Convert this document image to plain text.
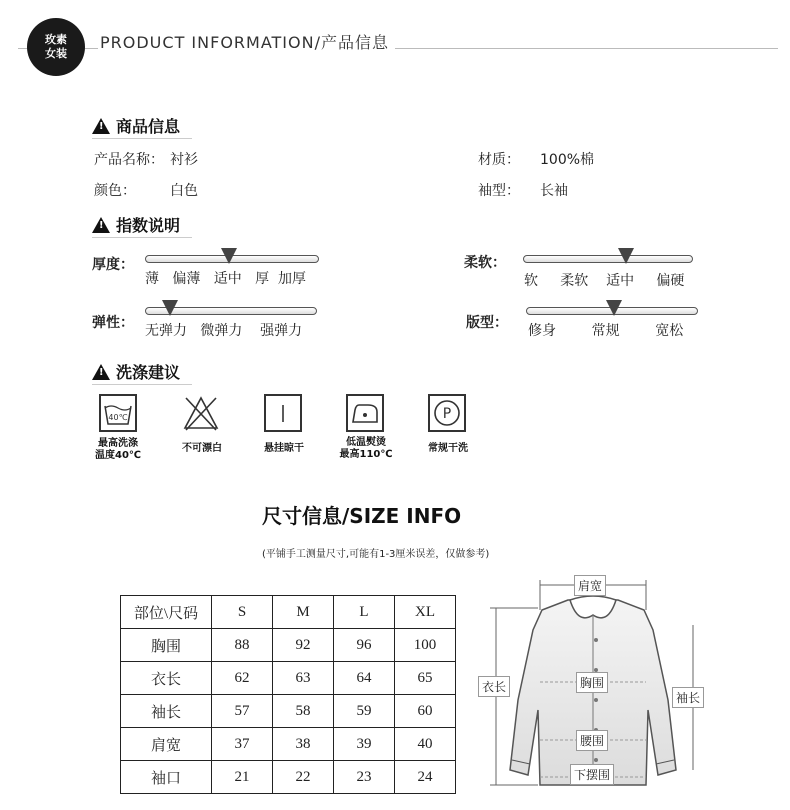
玫素
女装
PRODUCT INFORMATION/产品信息
!
商品信息
产品名称： 衬衫
颜色： 白色
材质： 100%棉
袖型： 长袖
!
指数说明
厚度：
薄 偏薄 适中 厚 加厚
柔软：
软 柔软 适中 偏硬
弹性： 无弹力 微弹力 强弹力	版型： 修身	常规	宽松
!
洗涤建议
40℃
最高洗涤
温度40℃
不可漂白	悬挂晾干
低温熨烫
最高110℃
P
常规干洗
尺寸信息/SIZE INFO
(平铺手工测量尺寸,可能有1-3厘米误差，仅做参考)
部位\尺码	S	M	L	XL
胸围	88	92	96	100
衣长	62	63	64	65
袖长	57	58	59	60
肩宽	37	38	39	40
袖口	21	22	23	24
肩宽
衣长	胸围
袖长
腰围
下摆围
